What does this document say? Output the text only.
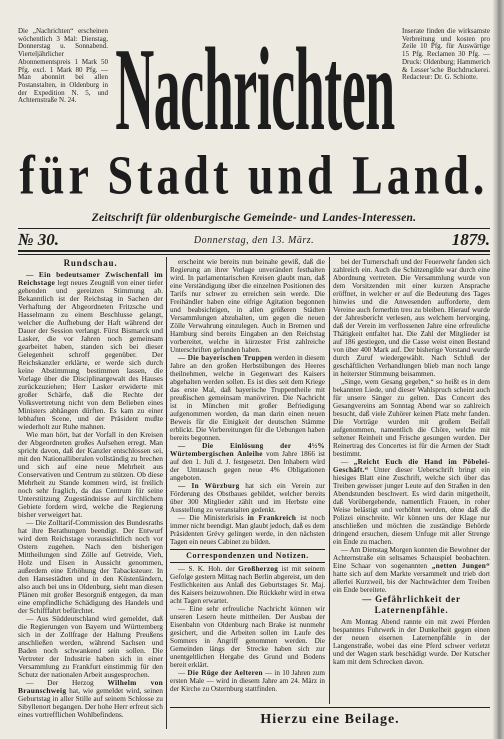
Die „Nachrichten“ erscheinen wöchentlich 3 Mal: Dienstag, Donnerstag u. Sonnabend. Vierteljährlicher Abonnementspreis 1 Mark 50 Pfg. excl. 1 Mark 80 Pfg. — Man abonnirt bei allen Postanstalten, in Oldenburg in der Expedition N. 5, und Achternstraße N. 24.
Inserate finden die wirksamste Verbreitung und kosten pro Zeile 10 Pfg. für Auswärtige 15 Pfg. Reclamen 30 Pfg. — Druck: Oldenburg; Hammerich & Lesser’sche Buchdruckerei. Redacteur: Dr. G. Schiotte.
Nachrichten
für Stadt und Land.
Zeitschrift für oldenburgische Gemeinde- und Landes-Interessen.
№ 30.	Donnerstag, den 13. März.	1879.
Rundschau.

— Ein bedeutsamer Zwischenfall im Reichstage legt neues Zeugniß von einer tiefer gehenden und gereizten Stimmung ab. Bekanntlich ist der Reichstag in Sachen der Verhaftung der Abgeordneten Fritzsche und Hasselmann zu einem Beschlusse gelangt, welcher die Aufhebung der Haft während der Dauer der Session verlangt. Fürst Bismarck und Lasker, die vor Jahren noch gemeinsam gearbeitet haben, standen sich bei dieser Gelegenheit schroff gegenüber. Der Reichskanzler erklärte, er werde sich durch keine Abstimmung bestimmen lassen, die Vorlage über die Disciplinargewalt des Hauses zurückzuziehen; Herr Lasker erwiderte mit großer Schärfe, daß die Rechte der Volksvertretung nicht von dem Belieben eines Ministers abhängen dürften. Es kam zu einer lebhaften Scene, und der Präsident mußte wiederholt zur Ruhe mahnen.

Wie man hört, hat der Vorfall in den Kreisen der Abgeordneten großes Aufsehen erregt. Man spricht davon, daß der Kanzler entschlossen sei, mit den Nationalliberalen vollständig zu brechen und sich auf eine neue Mehrheit aus Conservativen und Centrum zu stützen. Ob diese Mehrheit zu Stande kommen wird, ist freilich noch sehr fraglich, da das Centrum für seine Unterstützung Zugeständnisse auf kirchlichem Gebiete fordern wird, welche die Regierung bisher verweigert hat.

— Die Zolltarif-Commission des Bundesraths hat ihre Berathungen beendigt. Der Entwurf wird dem Reichstage voraussichtlich noch vor Ostern zugehen. Nach den bisherigen Mittheilungen sind Zölle auf Getreide, Vieh, Holz und Eisen in Aussicht genommen, außerdem eine Erhöhung der Tabacksteuer. In den Hansestädten und in den Küstenländern, also auch bei uns in Oldenburg, sieht man diesen Plänen mit großer Besorgniß entgegen, da man eine empfindliche Schädigung des Handels und der Schifffahrt befürchtet.

— Aus Süddeutschland wird gemeldet, daß die Regierungen von Bayern und Württemberg sich in der Zollfrage der Haltung Preußens anschließen werden, während Sachsen und Baden noch schwankend sein sollen. Die Vertreter der Industrie haben sich in einer Versammlung zu Frankfurt einstimmig für den Schutz der nationalen Arbeit ausgesprochen.

— Der Herzog Wilhelm von Braunschweig hat, wie gemeldet wird, seinen Geburtstag in aller Stille auf seinem Schlosse zu Sibyllenort begangen. Der hohe Herr erfreut sich eines vortrefflichen Wohlbefindens.

erscheint wie bereits nun beinahe gewiß, daß die Regierung an ihrer Vorlage unverändert festhalten wird. In parlamentarischen Kreisen glaubt man, daß eine Verständigung über die einzelnen Positionen des Tarifs nur schwer zu erreichen sein werde. Die Freihändler haben eine eifrige Agitation begonnen und beabsichtigen, in allen größeren Städten Versammlungen abzuhalten, um gegen die neuen Zölle Verwahrung einzulegen. Auch in Bremen und Hamburg sind bereits Eingaben an den Reichstag vorbereitet, welche in kürzester Frist zahlreiche Unterschriften gefunden haben.

— Die bayerischen Truppen werden in diesem Jahre an den großen Herbstübungen des Heeres theilnehmen, welche in Gegenwart des Kaisers abgehalten werden sollen. Es ist dies seit dem Kriege das erste Mal, daß bayerische Truppentheile mit preußischen gemeinsam manövriren. Die Nachricht ist in München mit großer Befriedigung aufgenommen worden, da man darin einen neuen Beweis für die Einigkeit der deutschen Stämme erblickt. Die Vorbereitungen für die Uebungen haben bereits begonnen.

— Die Einlösung der 4½% Würtembergischen Anleihe vom Jahre 1866 ist auf den 1. Juli d. J. festgesetzt. Den Inhabern wird der Umtausch gegen neue 4% Obligationen angeboten.

— In Würzburg hat sich ein Verein zur Förderung des Obstbaues gebildet, welcher bereits über 300 Mitglieder zählt und im Herbste eine Ausstellung zu veranstalten gedenkt.

— Die Ministerkrisis in Frankreich ist noch immer nicht beendigt. Man glaubt jedoch, daß es dem Präsidenten Grévy gelingen werde, in den nächsten Tagen ein neues Cabinet zu bilden.

Correspondenzen und Notizen.

— S. K. Hoh. der Großherzog ist mit seinem Gefolge gestern Mittag nach Berlin abgereist, um den Festlichkeiten aus Anlaß des Geburtstages Sr. Maj. des Kaisers beizuwohnen. Die Rückkehr wird in etwa acht Tagen erwartet.

— Eine sehr erfreuliche Nachricht können wir unseren Lesern heute mittheilen. Der Ausbau der Eisenbahn von Oldenburg nach Brake ist nunmehr gesichert, und die Arbeiten sollen im Laufe des Sommers in Angriff genommen werden. Die Gemeinden längs der Strecke haben sich zur unentgeltlichen Hergabe des Grund und Bodens bereit erklärt.

— Die Rüge der Aelteren — in 10 Jahren zum ersten Male — wird in diesem Jahre am 24. März in der Kirche zu Osternburg stattfinden.

bei der Turnerschaft und der Feuerwehr fanden sich zahlreich ein. Auch die Schützengilde war durch eine Abordnung vertreten. Die Versammlung wurde von dem Vorsitzenden mit einer kurzen Ansprache eröffnet, in welcher er auf die Bedeutung des Tages hinwies und die Anwesenden aufforderte, dem Vereine auch fernerhin treu zu bleiben. Hierauf wurde der Jahresbericht verlesen, aus welchem hervorging, daß der Verein im verflossenen Jahre eine erfreuliche Thätigkeit entfaltet hat. Die Zahl der Mitglieder ist auf 186 gestiegen, und die Casse weist einen Bestand von über 400 Mark auf. Der bisherige Vorstand wurde durch Zuruf wiedergewählt. Nach Schluß der geschäftlichen Verhandlungen blieb man noch lange in heiterster Stimmung beisammen.

„Singe, wem Gesang gegeben,“ so heißt es in dem bekannten Liede, und dieser Wahlspruch scheint auch für unsere Sänger zu gelten. Das Concert des Gesangvereins am Sonntag Abend war so zahlreich besucht, daß viele Zuhörer keinen Platz mehr fanden. Die Vorträge wurden mit großem Beifall aufgenommen, namentlich die Chöre, welche mit seltener Reinheit und Frische gesungen wurden. Der Reinertrag des Concertes ist für die Armen der Stadt bestimmt.

— „Reicht Euch die Hand im Pöbelei-Geschäft.“ Unter dieser Ueberschrift bringt ein hiesiges Blatt eine Zuschrift, welche sich über das Treiben gewisser junger Leute auf den Straßen in den Abendstunden beschwert. Es wird darin mitgetheilt, daß Vorübergehende, namentlich Frauen, in roher Weise belästigt und verhöhnt werden, ohne daß die Polizei einschreite. Wir können uns der Klage nur anschließen und möchten die zuständige Behörde dringend ersuchen, diesem Unfuge mit aller Strenge ein Ende zu machen.

— Am Dienstag Morgen konnten die Bewohner der Achternstraße ein seltsames Schauspiel beobachten. Eine Schaar von sogenannten „netten Jungen“ hatte sich auf dem Markte versammelt und trieb dort allerlei Kurzweil, bis der Nachtwächter dem Treiben ein Ende bereitete.

— Gefährlichkeit der Laternenpfähle.

Am Montag Abend rannte ein mit zwei Pferden bespanntes Fuhrwerk in der Dunkelheit gegen einen der neuen eisernen Laternenpfähle in der Langenstraße, wobei das eine Pferd schwer verletzt und der Wagen stark beschädigt wurde. Der Kutscher kam mit dem Schrecken davon.

Hierzu eine Beilage.
